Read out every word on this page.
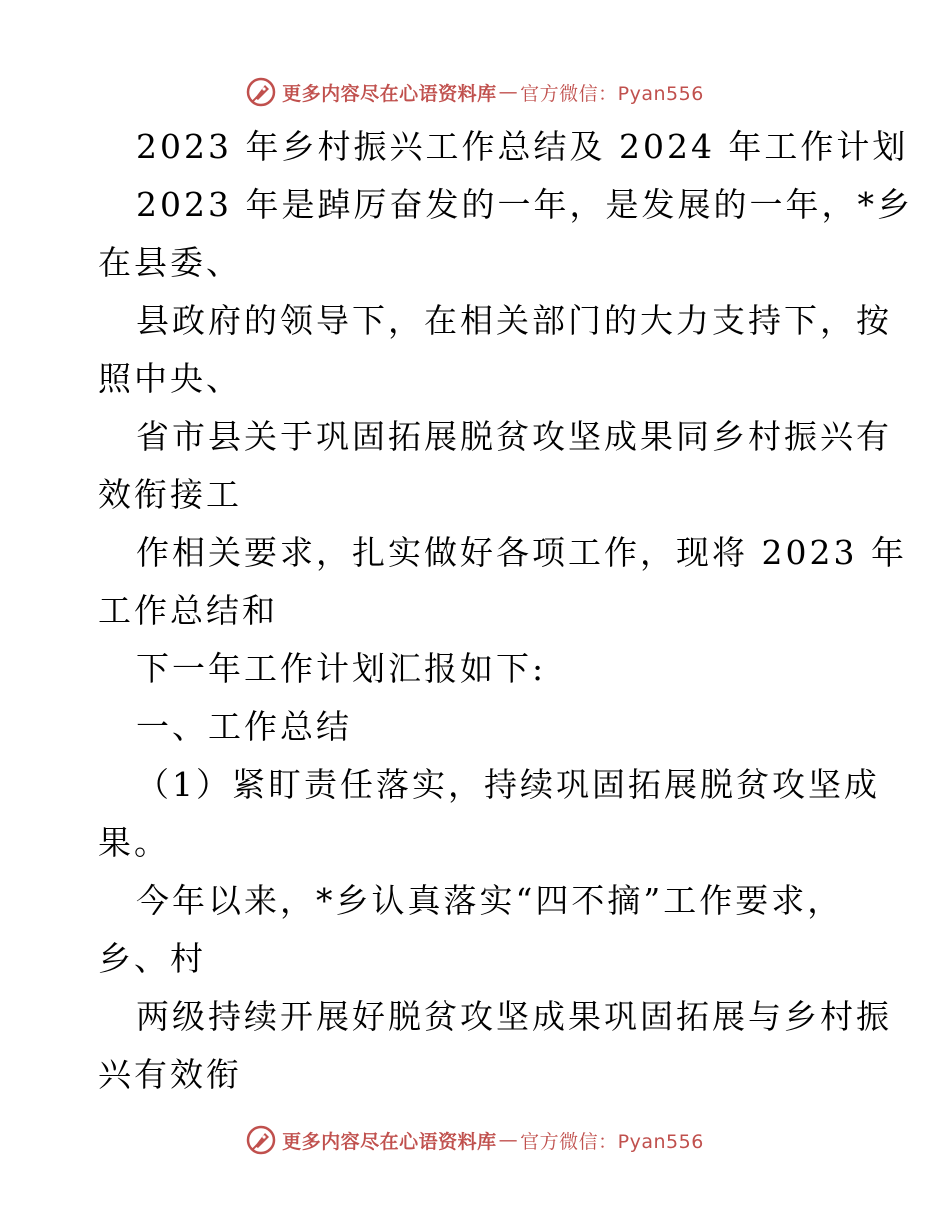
更多内容尽在心语资料库 — 官方微信：Pyan556
2023 年乡村振兴工作总结及 2024 年工作计划
2023 年是踔厉奋发的一年，是发展的一年，*乡
在县委、
县政府的领导下，在相关部门的大力支持下，按
照中央、
省市县关于巩固拓展脱贫攻坚成果同乡村振兴有
效衔接工
作相关要求，扎实做好各项工作，现将 2023 年
工作总结和
下一年工作计划汇报如下:
一、工作总结
（1）紧盯责任落实，持续巩固拓展脱贫攻坚成
果。
今年以来，*乡认真落实“四不摘”工作要求，
乡、村
两级持续开展好脱贫攻坚成果巩固拓展与乡村振
兴有效衔
更多内容尽在心语资料库 — 官方微信：Pyan556
